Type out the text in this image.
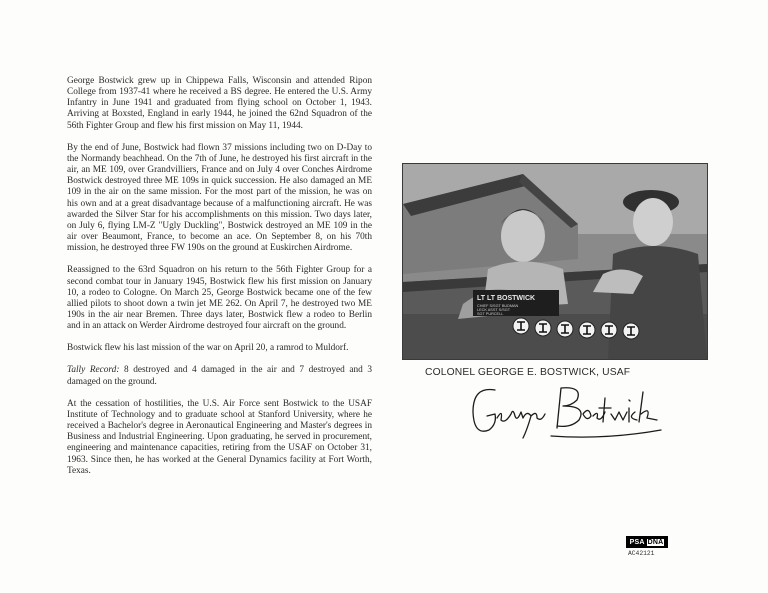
George Bostwick grew up in Chippewa Falls, Wisconsin and attended Ripon College from 1937-41 where he received a BS degree. He entered the U.S. Army Infantry in June 1941 and graduated from flying school on October 1, 1943. Arriving at Boxsted, England in early 1944, he joined the 62nd Squadron of the 56th Fighter Group and flew his first mission on May 11, 1944.

By the end of June, Bostwick had flown 37 missions including two on D-Day to the Normandy beachhead. On the 7th of June, he destroyed his first aircraft in the air, an ME 109, over Grandvilliers, France and on July 4 over Conches Airdrome Bostwick destroyed three ME 109s in quick succession. He also damaged an ME 109 in the air on the same mission. For the most part of the mission, he was on his own and at a great disadvantage because of a malfunctioning aircraft. He was awarded the Silver Star for his accomplishments on this mission. Two days later, on July 6, flying LM-Z "Ugly Duckling", Bostwick destroyed an ME 109 in the air over Beaumont, France, to become an ace. On September 8, on his 70th mission, he destroyed three FW 190s on the ground at Euskirchen Airdrome.

Reassigned to the 63rd Squadron on his return to the 56th Fighter Group for a second combat tour in January 1945, Bostwick flew his first mission on January 10, a rodeo to Cologne. On March 25, George Bostwick became one of the few allied pilots to shoot down a twin jet ME 262. On April 7, he destroyed two ME 190s in the air near Bremen. Three days later, Bostwick flew a rodeo to Berlin and in an attack on Werder Airdrome destroyed four aircraft on the ground.

Bostwick flew his last mission of the war on April 20, a ramrod to Muldorf.

Tally Record: 8 destroyed and 4 damaged in the air and 7 destroyed and 3 damaged on the ground.

At the cessation of hostilities, the U.S. Air Force sent Bostwick to the USAF Institute of Technology and to graduate school at Stanford University, where he received a Bachelor's degree in Aeronautical Engineering and Master's degrees in Business and Industrial Engineering. Upon graduating, he served in procurement, engineering and maintenance capacities, retiring from the USAF on October 31, 1963. Since then, he has worked at the General Dynamics facility at Fort Worth, Texas.

LT LT BOSTWICK
CHIEF S/SGT BUDMAN
LECK ASST S/SGT
SGT PURCELL
COLONEL GEORGE E. BOSTWICK, USAF
PSA DNA
AC42121
